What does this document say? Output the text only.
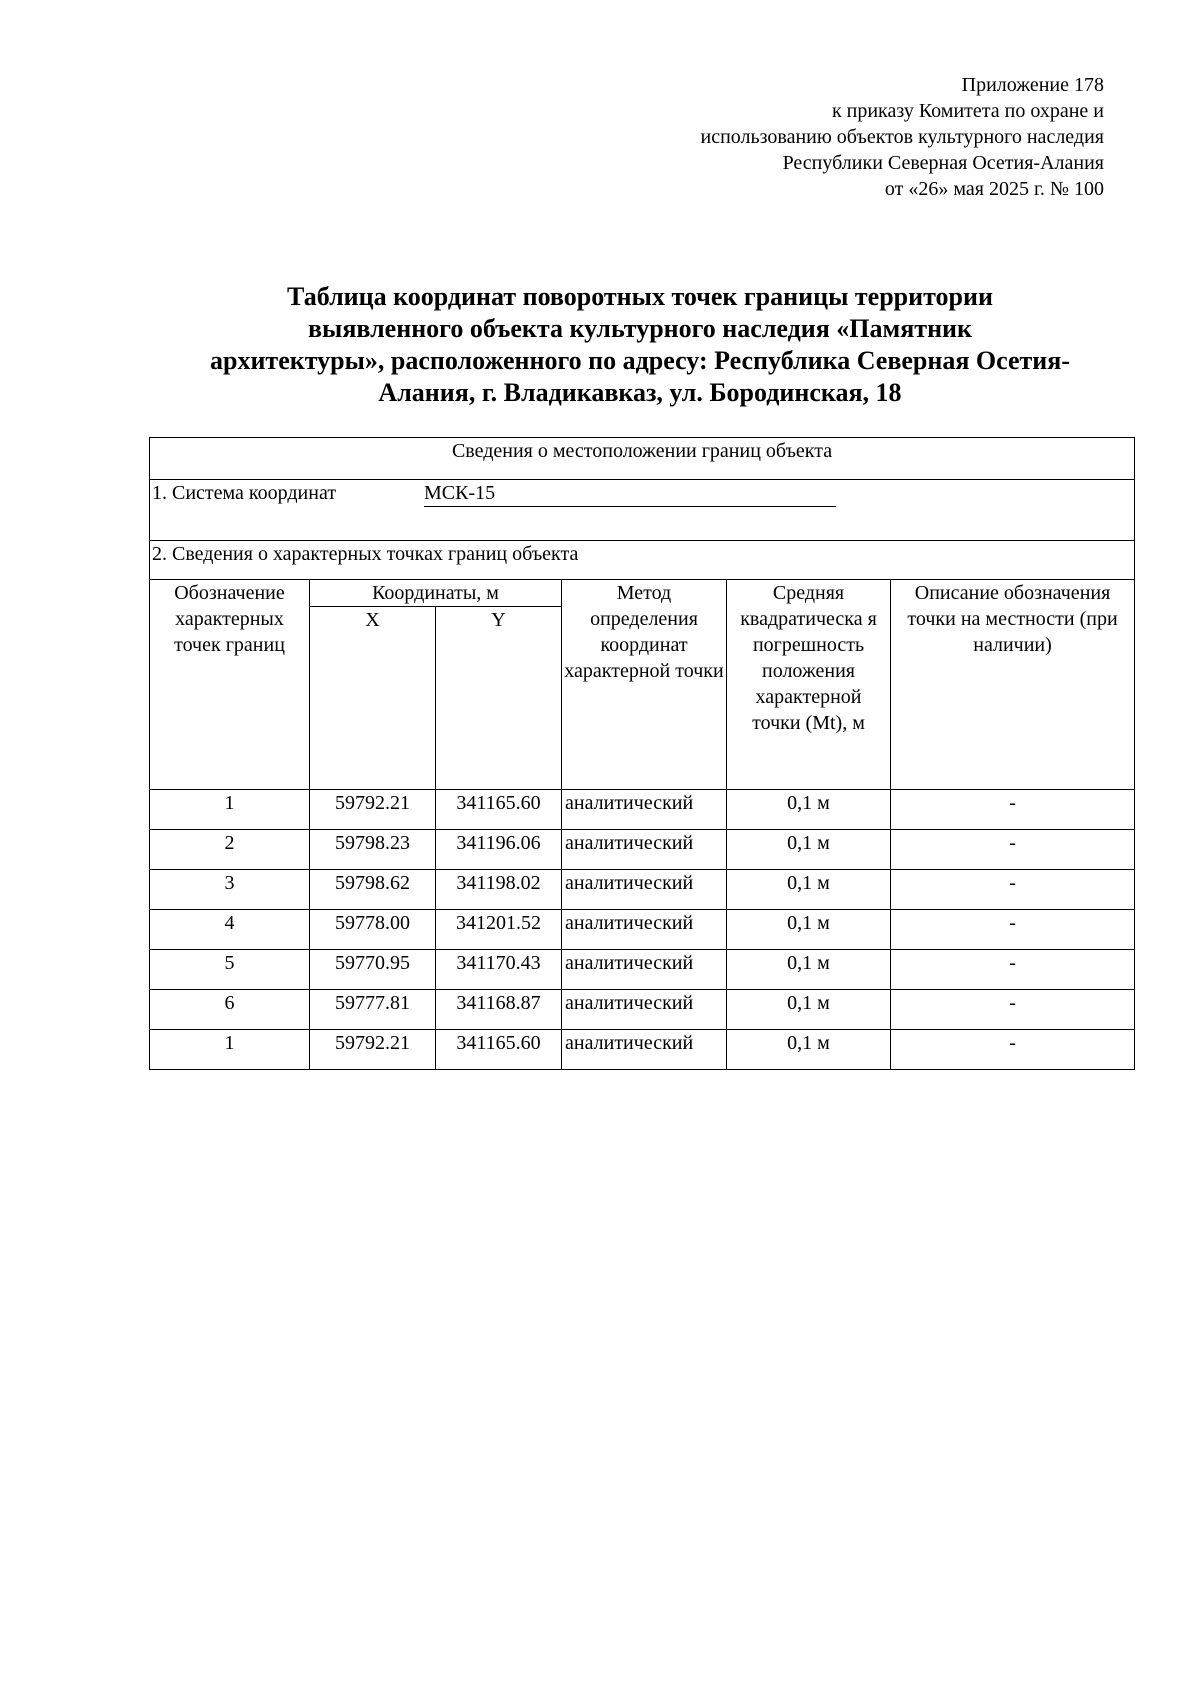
Приложение 178
к приказу Комитета по охране и
использованию объектов культурного наследия
Республики Северная Осетия-Алания
от «26» мая 2025 г. № 100
Таблица координат поворотных точек границы территории
выявленного объекта культурного наследия «Памятник
архитектуры», расположенного по адресу: Республика Северная Осетия-
Алания, г. Владикавказ, ул. Бородинская, 18
Сведения о местоположении границ объекта					
1. Система координат МСК-15					
2. Сведения о характерных точках границ объекта					
Обозначение характерных точек границ	Координаты, м		Метод определения координат характерной точки	Средняя квадратическа я погрешность положения характерной точки (Mt), м	Описание обозначения точки на местности (при наличии)
	X	Y			
1	59792.21	341165.60	аналитический	0,1 м	-
2	59798.23	341196.06	аналитический	0,1 м	-
3	59798.62	341198.02	аналитический	0,1 м	-
4	59778.00	341201.52	аналитический	0,1 м	-
5	59770.95	341170.43	аналитический	0,1 м	-
6	59777.81	341168.87	аналитический	0,1 м	-
1	59792.21	341165.60	аналитический	0,1 м	-
